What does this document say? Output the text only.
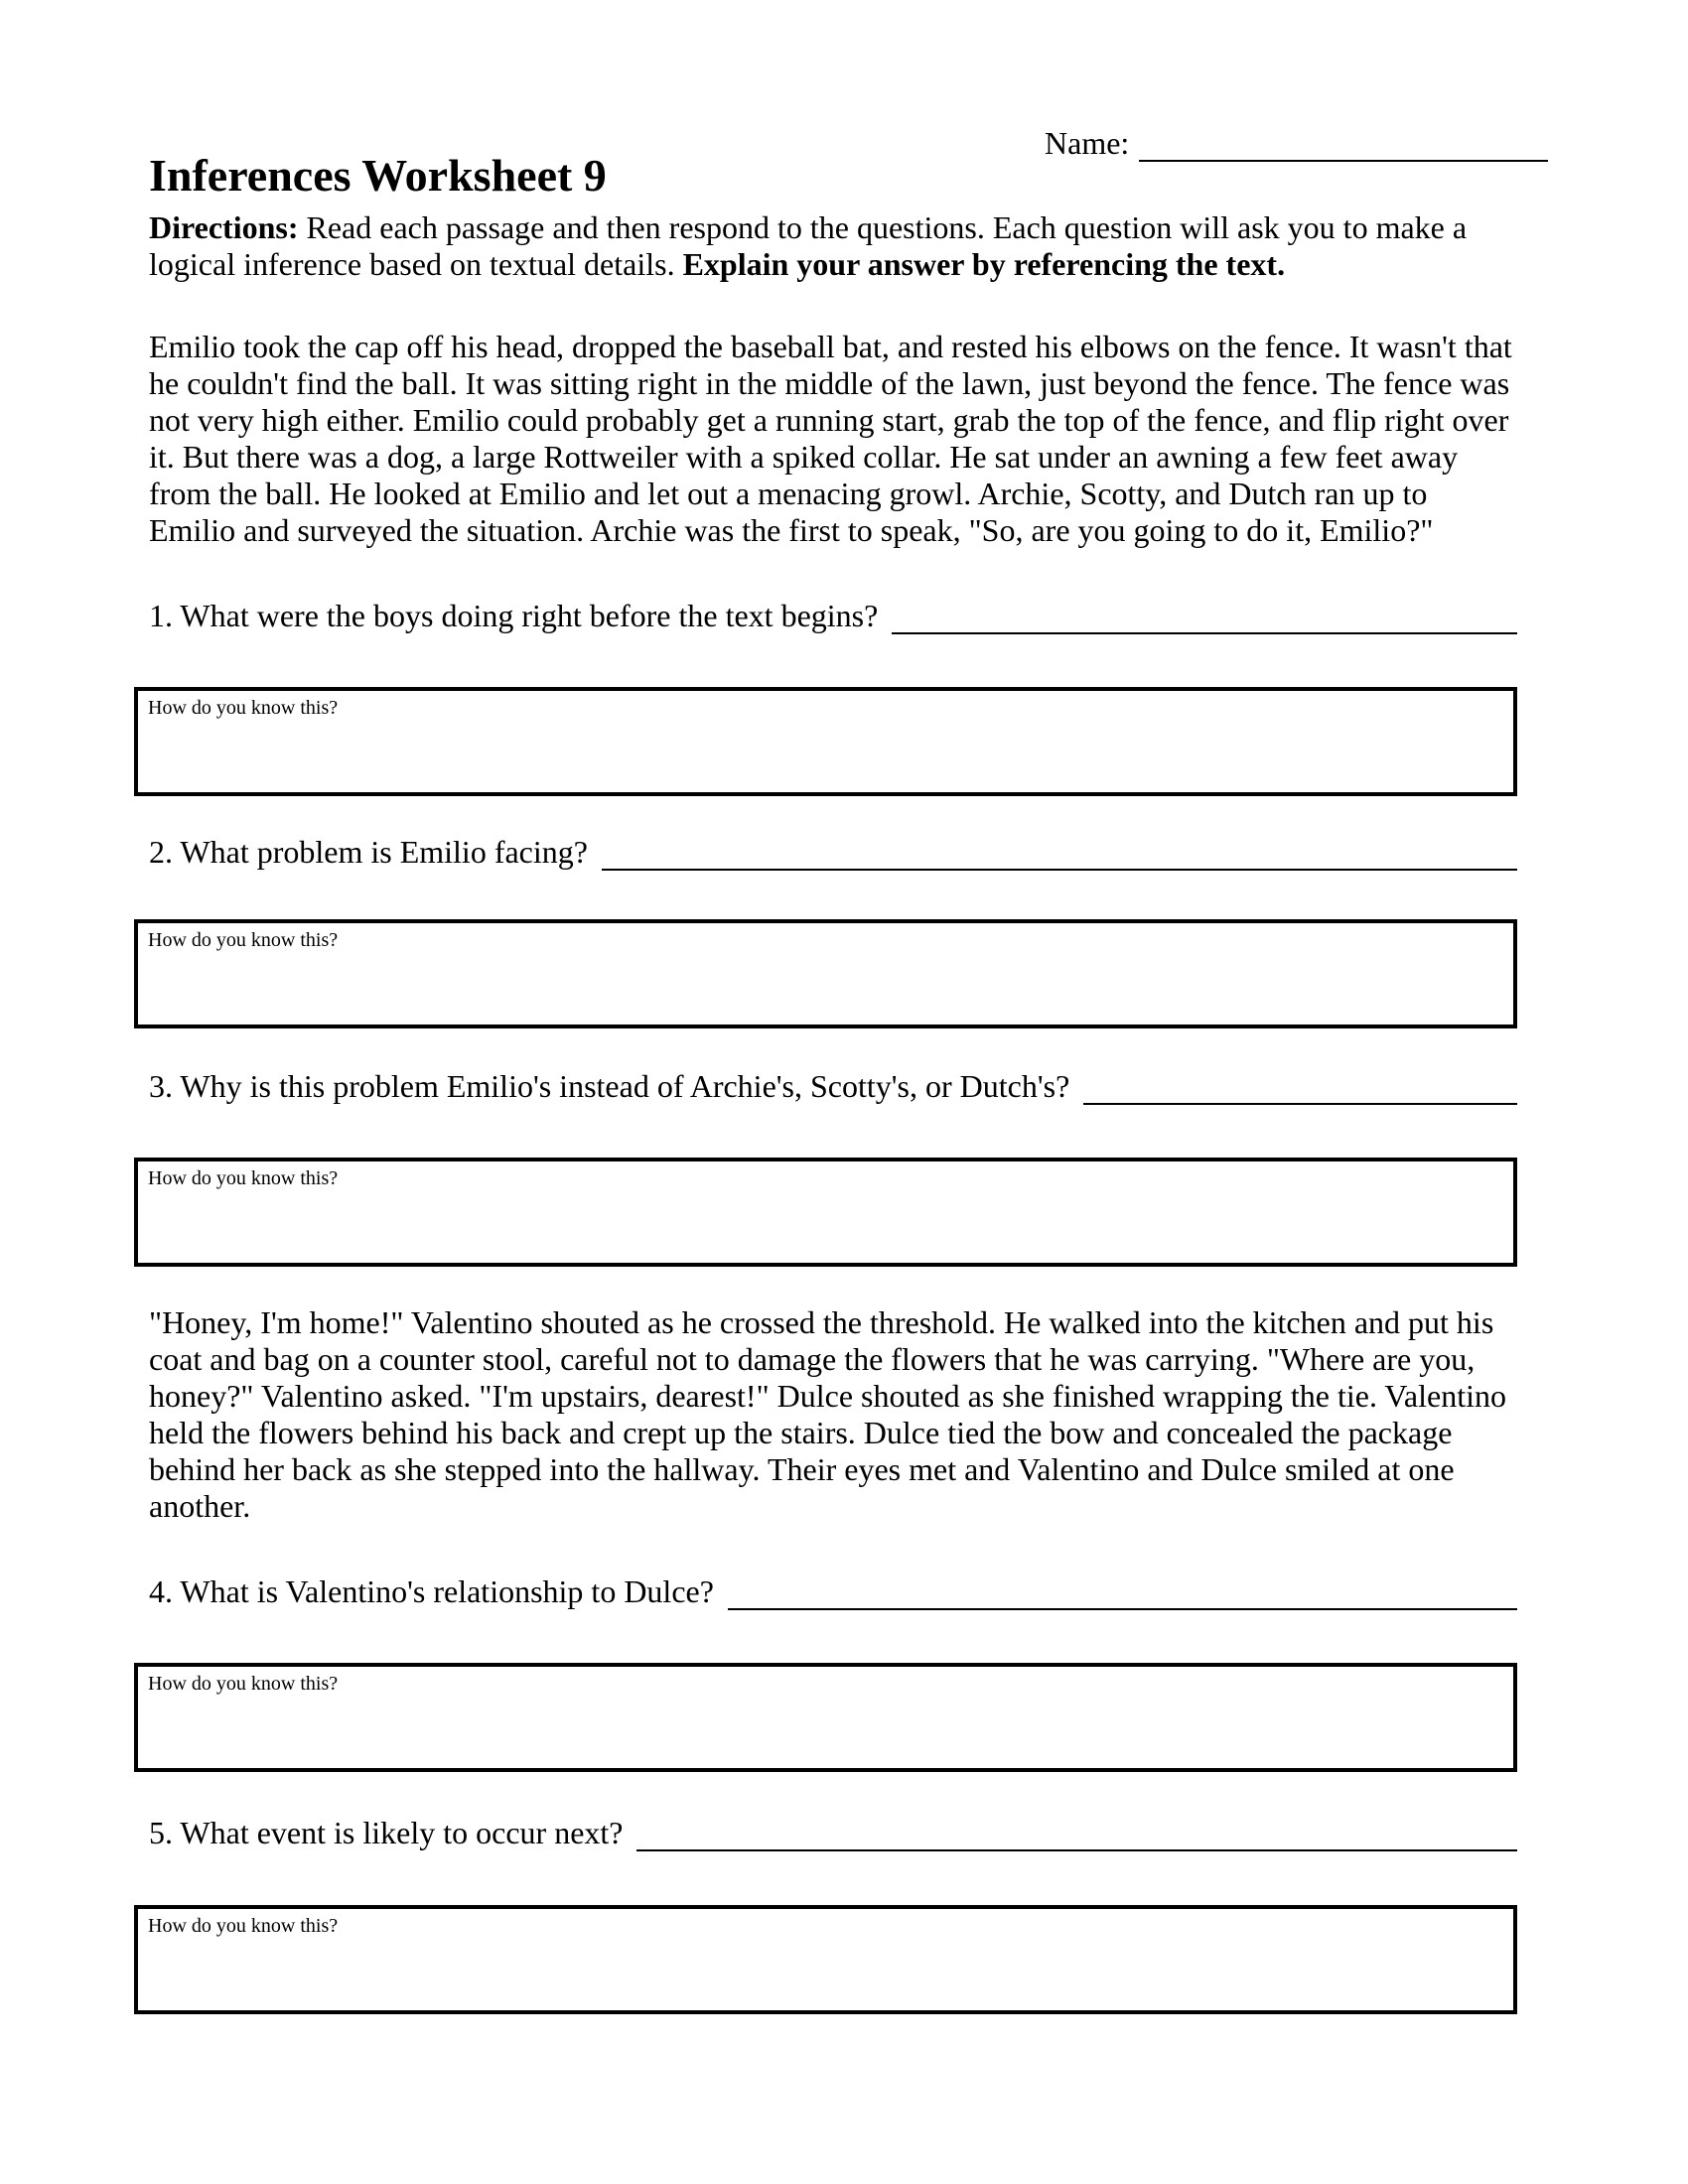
Name:
Inferences Worksheet 9

Directions: Read each passage and then respond to the questions. Each question will ask you to make a logical inference based on textual details. Explain your answer by referencing the text.

Emilio took the cap off his head, dropped the baseball bat, and rested his elbows on the fence. It wasn't that he couldn't find the ball. It was sitting right in the middle of the lawn, just beyond the fence. The fence was not very high either. Emilio could probably get a running start, grab the top of the fence, and flip right over it. But there was a dog, a large Rottweiler with a spiked collar. He sat under an awning a few feet away from the ball. He looked at Emilio and let out a menacing growl. Archie, Scotty, and Dutch ran up to Emilio and surveyed the situation. Archie was the first to speak, "So, are you going to do it, Emilio?"

1. What were the boys doing right before the text begins?
How do you know this?
2. What problem is Emilio facing?
How do you know this?
3. Why is this problem Emilio's instead of Archie's, Scotty's, or Dutch's?
How do you know this?

"Honey, I'm home!" Valentino shouted as he crossed the threshold. He walked into the kitchen and put his coat and bag on a counter stool, careful not to damage the flowers that he was carrying. "Where are you, honey?" Valentino asked. "I'm upstairs, dearest!" Dulce shouted as she finished wrapping the tie. Valentino held the flowers behind his back and crept up the stairs. Dulce tied the bow and concealed the package behind her back as she stepped into the hallway. Their eyes met and Valentino and Dulce smiled at one another.

4. What is Valentino's relationship to Dulce?
How do you know this?
5. What event is likely to occur next?
How do you know this?
